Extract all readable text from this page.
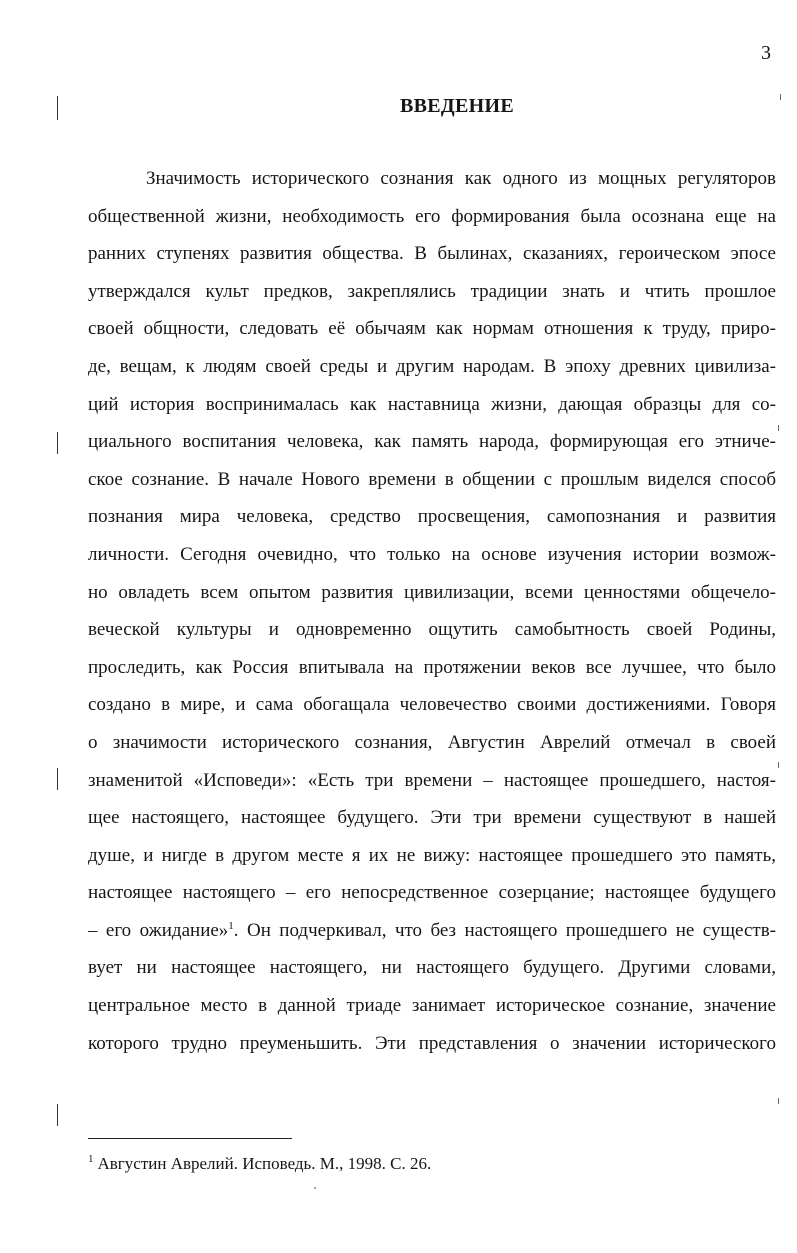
3
ВВЕДЕНИЕ
Значимость исторического сознания как одного из мощных регуляторов
общественной жизни, необходимость его формирования была осознана еще на
ранних ступенях развития общества. В былинах, сказаниях, героическом эпосе
утверждался культ предков, закреплялись традиции знать и чтить прошлое
своей общности, следовать её обычаям как нормам отношения к труду, приро-
де, вещам, к людям своей среды и другим народам. В эпоху древних цивилиза-
ций история воспринималась как наставница жизни, дающая образцы для со-
циального воспитания человека, как память народа, формирующая его этниче-
ское сознание. В начале Нового времени в общении с прошлым виделся способ
познания мира человека, средство просвещения, самопознания и развития
личности. Сегодня очевидно, что только на основе изучения истории возмож-
но овладеть всем опытом развития цивилизации, всеми ценностями общечело-
веческой культуры и одновременно ощутить самобытность своей Родины,
проследить, как Россия впитывала на протяжении веков все лучшее, что было
создано в мире, и сама обогащала человечество своими достижениями. Говоря
о значимости исторического сознания, Августин Аврелий отмечал в своей
знаменитой «Исповеди»: «Есть три времени – настоящее прошедшего, настоя-
щее настоящего, настоящее будущего. Эти три времени существуют в нашей
душе, и нигде в другом месте я их не вижу: настоящее прошедшего это память,
настоящее настоящего – его непосредственное созерцание; настоящее будущего
– его ожидание»$^1$. Он подчеркивал, что без настоящего прошедшего не существ-
вует ни настоящее настоящего, ни настоящего будущего. Другими словами,
центральное место в данной триаде занимает историческое сознание, значение
которого трудно преуменьшить. Эти представления о значении исторического
$^1$ Августин Аврелий. Исповедь. М., 1998. С. 26.
